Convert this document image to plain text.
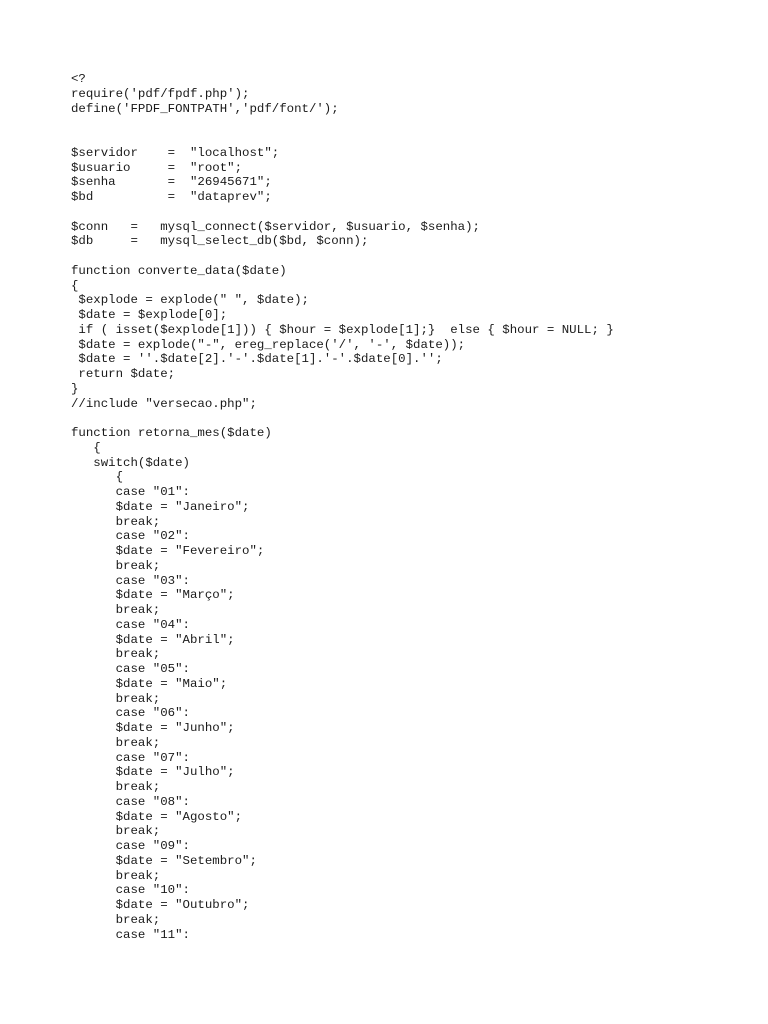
<?
require('pdf/fpdf.php');
define('FPDF_FONTPATH','pdf/font/');
$servidor    =  "localhost";
$usuario     =  "root";
$senha       =  "26945671";
$bd          =  "dataprev";
$conn   =   mysql_connect($servidor, $usuario, $senha);
$db     =   mysql_select_db($bd, $conn);
function converte_data($date)
{
$explode = explode(" ", $date);
$date = $explode[0];
if ( isset($explode[1])) { $hour = $explode[1];}  else { $hour = NULL; }
$date = explode("-", ereg_replace('/', '-', $date));
$date = ''.$date[2].'-'.$date[1].'-'.$date[0].'';
return $date;
}
//include "versecao.php";
function retorna_mes($date)
{
switch($date)
{
case "01":
$date = "Janeiro";
break;
case "02":
$date = "Fevereiro";
break;
case "03":
$date = "Março";
break;
case "04":
$date = "Abril";
break;
case "05":
$date = "Maio";
break;
case "06":
$date = "Junho";
break;
case "07":
$date = "Julho";
break;
case "08":
$date = "Agosto";
break;
case "09":
$date = "Setembro";
break;
case "10":
$date = "Outubro";
break;
case "11":
